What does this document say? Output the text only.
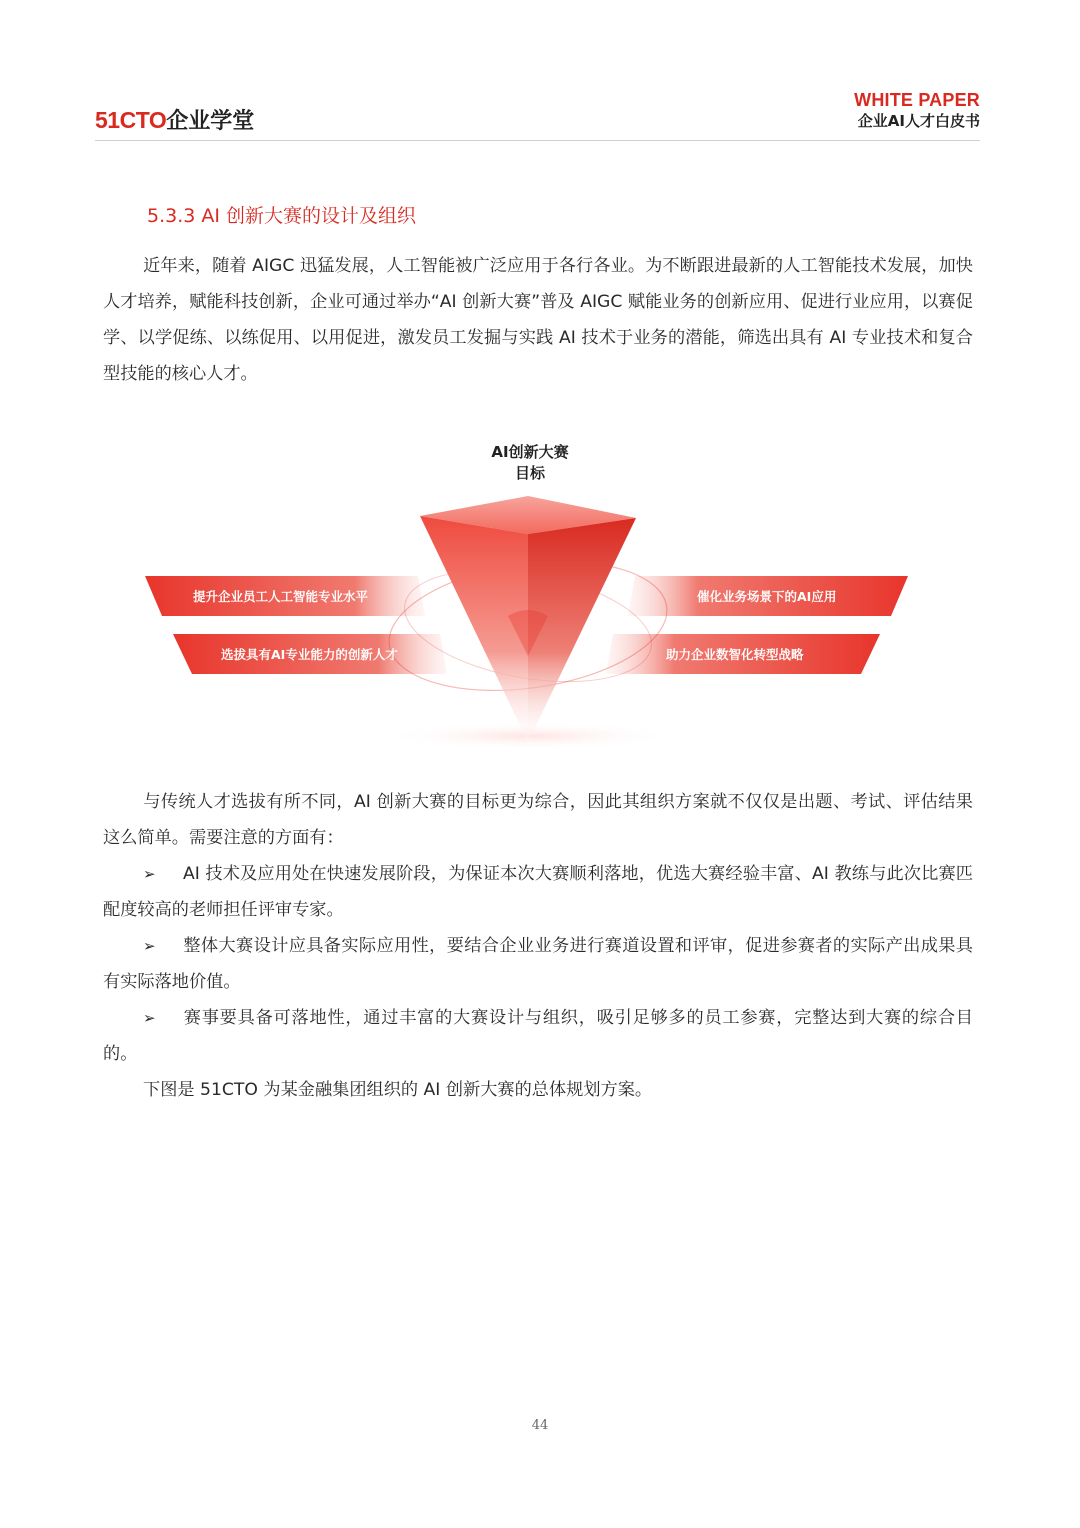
51CTO企业学堂
WHITE PAPER
企业AI人才白皮书
5.3.3 AI 创新大赛的设计及组织
近年来，随着 AIGC 迅猛发展，人工智能被广泛应用于各行各业。为不断跟进最新的人工智能技术发展，加快人才培养，赋能科技创新，企业可通过举办“AI 创新大赛”普及 AIGC 赋能业务的创新应用、促进行业应用，以赛促学、以学促练、以练促用、以用促进，激发员工发掘与实践 AI 技术于业务的潜能，筛选出具有 AI 专业技术和复合型技能的核心人才。
AI创新大赛
目标
提升企业员工人工智能专业水平
选拔具有AI专业能力的创新人才
催化业务场景下的AI应用
助力企业数智化转型战略
与传统人才选拔有所不同，AI 创新大赛的目标更为综合，因此其组织方案就不仅仅是出题、考试、评估结果这么简单。需要注意的方面有：
➢ AI 技术及应用处在快速发展阶段，为保证本次大赛顺利落地，优选大赛经验丰富、AI 教练与此次比赛匹配度较高的老师担任评审专家。
➢ 整体大赛设计应具备实际应用性，要结合企业业务进行赛道设置和评审，促进参赛者的实际产出成果具有实际落地价值。
➢ 赛事要具备可落地性，通过丰富的大赛设计与组织，吸引足够多的员工参赛，完整达到大赛的综合目的。
下图是 51CTO 为某金融集团组织的 AI 创新大赛的总体规划方案。
44
